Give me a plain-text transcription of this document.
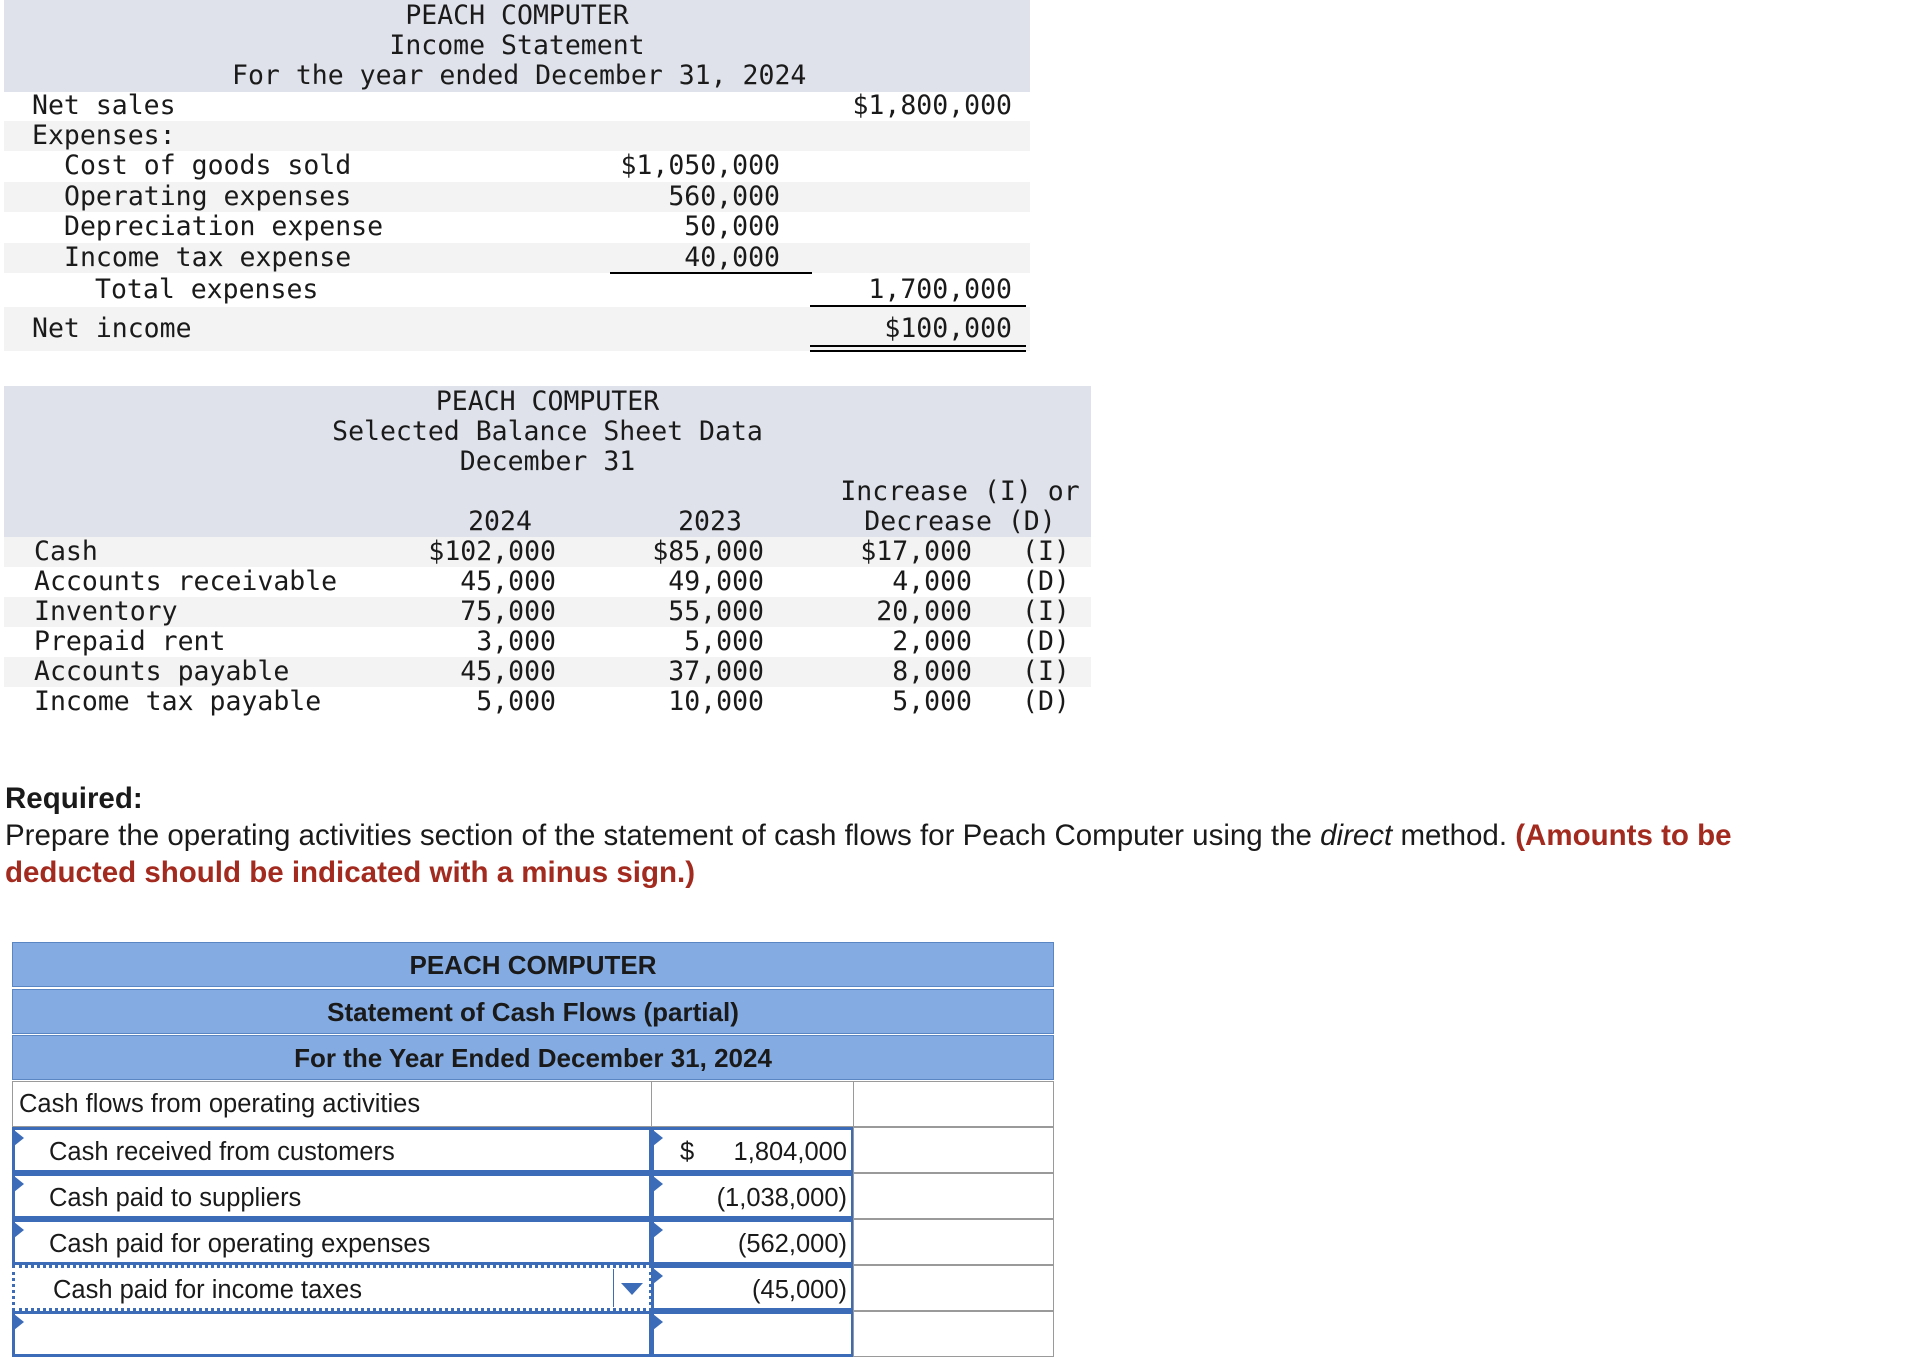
PEACH COMPUTER
Income Statement
For the year ended December 31, 2024
Net sales	$1,800,000
Expenses:
Cost of goods sold	$1,050,000
Operating expenses	560,000
Depreciation expense	50,000
Income tax expense	40,000
Total expenses	1,700,000
Net income	$100,000
PEACH COMPUTER
Selected Balance Sheet Data
December 31
Increase (I) or
Decrease (D)
2024	2023
Cash	$102,000	$85,000	$17,000 (I)
Accounts receivable	45,000	49,000	4,000 (D)
Inventory	75,000	55,000	20,000 (I)
Prepaid rent	3,000	5,000	2,000 (D)
Accounts payable	45,000	37,000	8,000 (I)
Income tax payable	5,000	10,000	5,000 (D)
Required:
Prepare the operating activities section of the statement of cash flows for Peach Computer using the direct method. (Amounts to be
deducted should be indicated with a minus sign.)
PEACH COMPUTER
Statement of Cash Flows (partial)
For the Year Ended December 31, 2024
Cash flows from operating activities
Cash received from customers	$ 1,804,000
Cash paid to suppliers	(1,038,000)
Cash paid for operating expenses	(562,000)
Cash paid for income taxes	(45,000)
